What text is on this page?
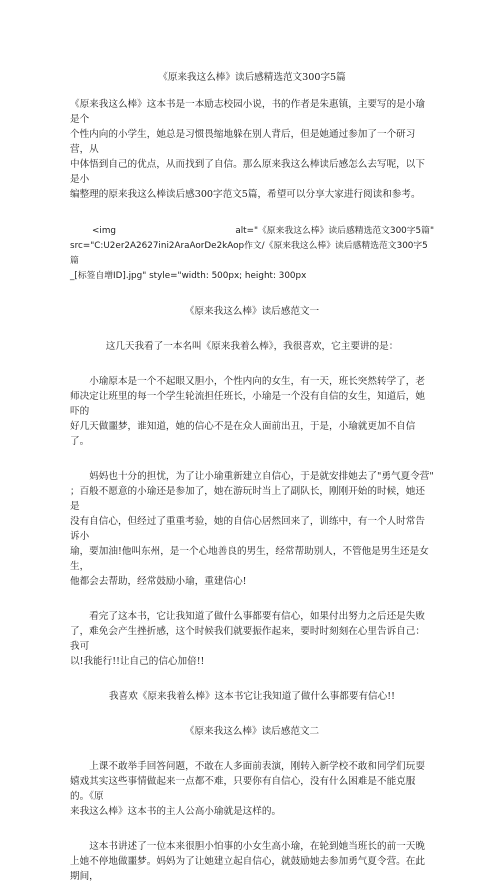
《原来我这么棒》读后感精选范文300字5篇

《原来我这么棒》这本书是一本励志校园小说，书的作者是朱惠镇，主要写的是小瑜是个

个性内向的小学生，她总是习惯畏缩地躲在别人背后，但是她通过参加了一个研习营，从

中体悟到自己的优点，从而找到了自信。那么原来我这么棒读后感怎么去写呢，以下是小

编整理的原来我这么棒读后感300字范文5篇，希望可以分享大家进行阅读和参考。

<img	alt="《原来我这么棒》读后感精选范文300字5篇"
src="C:U2er2A2627ini2AraAorDe2kAop作文/《原来我这么棒》读后感精选范文300字5篇
_[标签自增ID].jpg" style="width: 500px; height: 300px
《原来我这么棒》读后感范文一
这几天我看了一本名叫《原来我着么棒》，我很喜欢，它主要讲的是：

小瑜原本是一个不起眼又胆小，个性内向的女生，有一天，班长突然转学了，老

师决定让班里的每一个学生轮流担任班长，小瑜是一个没有自信的女生，知道后，她吓的

好几天做噩梦，谁知道，她的信心不是在众人面前出丑，于是，小瑜就更加不自信了。

妈妈也十分的担忧，为了让小瑜重新建立自信心，于是就安排她去了"勇气夏令营"

；百般不愿意的小瑜还是参加了，她在游玩时当上了副队长，刚刚开始的时候，她还是

没有自信心，但经过了重重考验，她的自信心居然回来了，训练中，有一个人时常告诉小

瑜，要加油!他叫东州，是一个心地善良的男生，经常帮助别人，不管他是男生还是女生，

他都会去帮助，经常鼓励小瑜，重建信心!

看完了这本书，它让我知道了做什么事都要有信心，如果付出努力之后还是失败

了，难免会产生挫折感，这个时候我们就要振作起来，要时时刻刻在心里告诉自己：我可

以!我能行!!让自己的信心加倍!!

我喜欢《原来我着么棒》这本书它让我知道了做什么事都要有信心!!
《原来我这么棒》读后感范文二

上课不敢举手回答问题，不敢在人多面前表演，刚转入新学校不敢和同学们玩耍

嬉戏其实这些事情做起来一点都不难，只要你有自信心，没有什么困难是不能克服的。《原

来我这么棒》这本书的主人公高小瑜就是这样的。

这本书讲述了一位本来很胆小怕事的小女生高小瑜，在轮到她当班长的前一天晚

上她不停地做噩梦。妈妈为了让她建立起自信心，就鼓励她去参加勇气夏令营。在此期间，
